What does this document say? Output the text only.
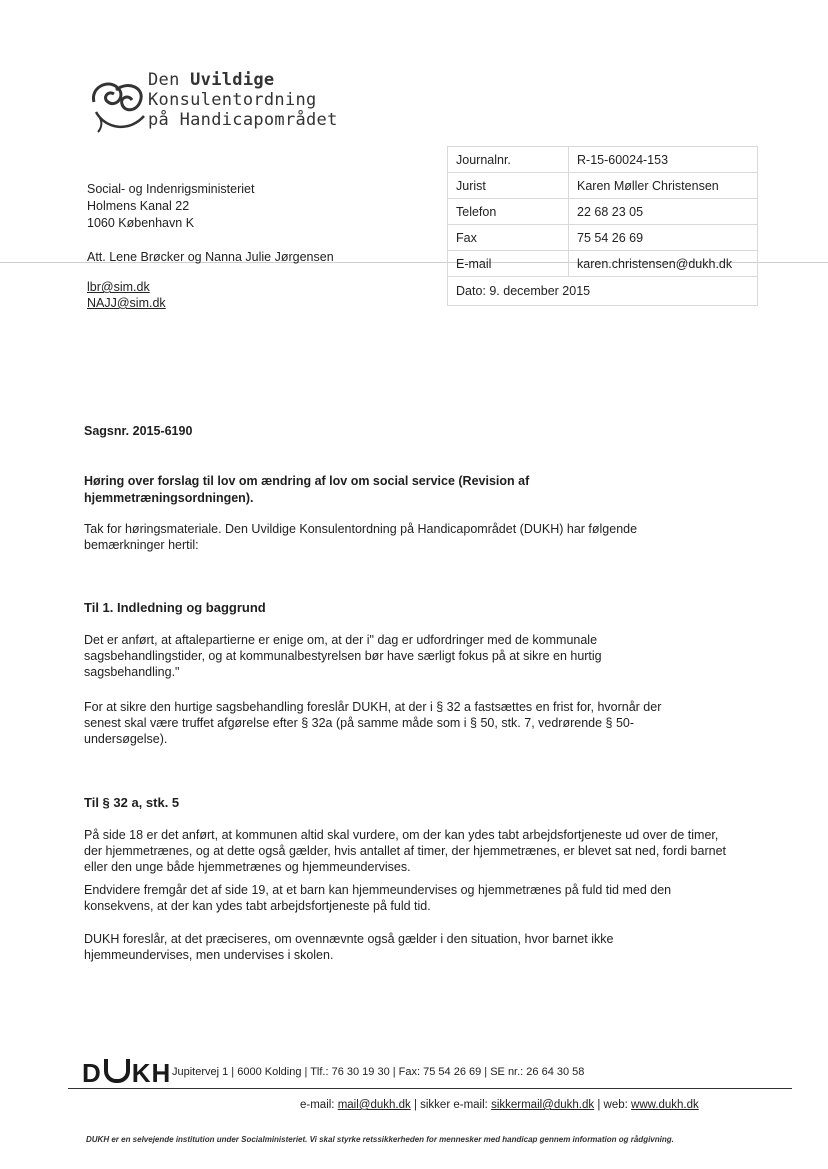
Den Uvildige
Konsulentordning
på Handicapområdet
Social- og Indenrigsministeriet
Holmens Kanal 22
1060 København K
Att. Lene Brøcker og Nanna Julie Jørgensen
lbr@sim.dk
NAJJ@sim.dk
Journalnr.	R-15-60024-153
Jurist	Karen Møller Christensen
Telefon	22 68 23 05
Fax	75 54 26 69
E-mail	karen.christensen@dukh.dk
Dato: 9. december 2015	
Sagsnr. 2015-6190
Høring over forslag til lov om ændring af lov om social service (Revision af hjemmetræningsordningen).
Tak for høringsmateriale. Den Uvildige Konsulentordning på Handicapområdet (DUKH) har følgende bemærkninger hertil:
Til 1. Indledning og baggrund
Det er anført, at aftalepartierne er enige om, at der i" dag er udfordringer med de kommunale sagsbehandlingstider, og at kommunalbestyrelsen bør have særligt fokus på at sikre en hurtig sagsbehandling."
For at sikre den hurtige sagsbehandling foreslår DUKH, at der i § 32 a fastsættes en frist for, hvornår der senest skal være truffet afgørelse efter § 32a (på samme måde som i § 50, stk. 7, vedrørende § 50-undersøgelse).
Til § 32 a, stk. 5
På side 18 er det anført, at kommunen altid skal vurdere, om der kan ydes tabt arbejdsfortjeneste ud over de timer, der hjemmetrænes, og at dette også gælder, hvis antallet af timer, der hjemmetrænes, er blevet sat ned, fordi barnet eller den unge både hjemmetrænes og hjemmeundervises.
Endvidere fremgår det af side 19, at et barn kan hjemmeundervises og hjemmetrænes på fuld tid med den konsekvens, at der kan ydes tabt arbejdsfortjeneste på fuld tid.
DUKH foreslår, at det præciseres, om ovennævnte også gælder i den situation, hvor barnet ikke hjemmeundervises, men undervises i skolen.
D KH Jupitervej 1 | 6000 Kolding | Tlf.: 76 30 19 30 | Fax: 75 54 26 69 | SE nr.: 26 64 30 58
e-mail: mail@dukh.dk | sikker e-mail: sikkermail@dukh.dk | web: www.dukh.dk
DUKH er en selvejende institution under Socialministeriet. Vi skal styrke retssikkerheden for mennesker med handicap gennem information og rådgivning.
